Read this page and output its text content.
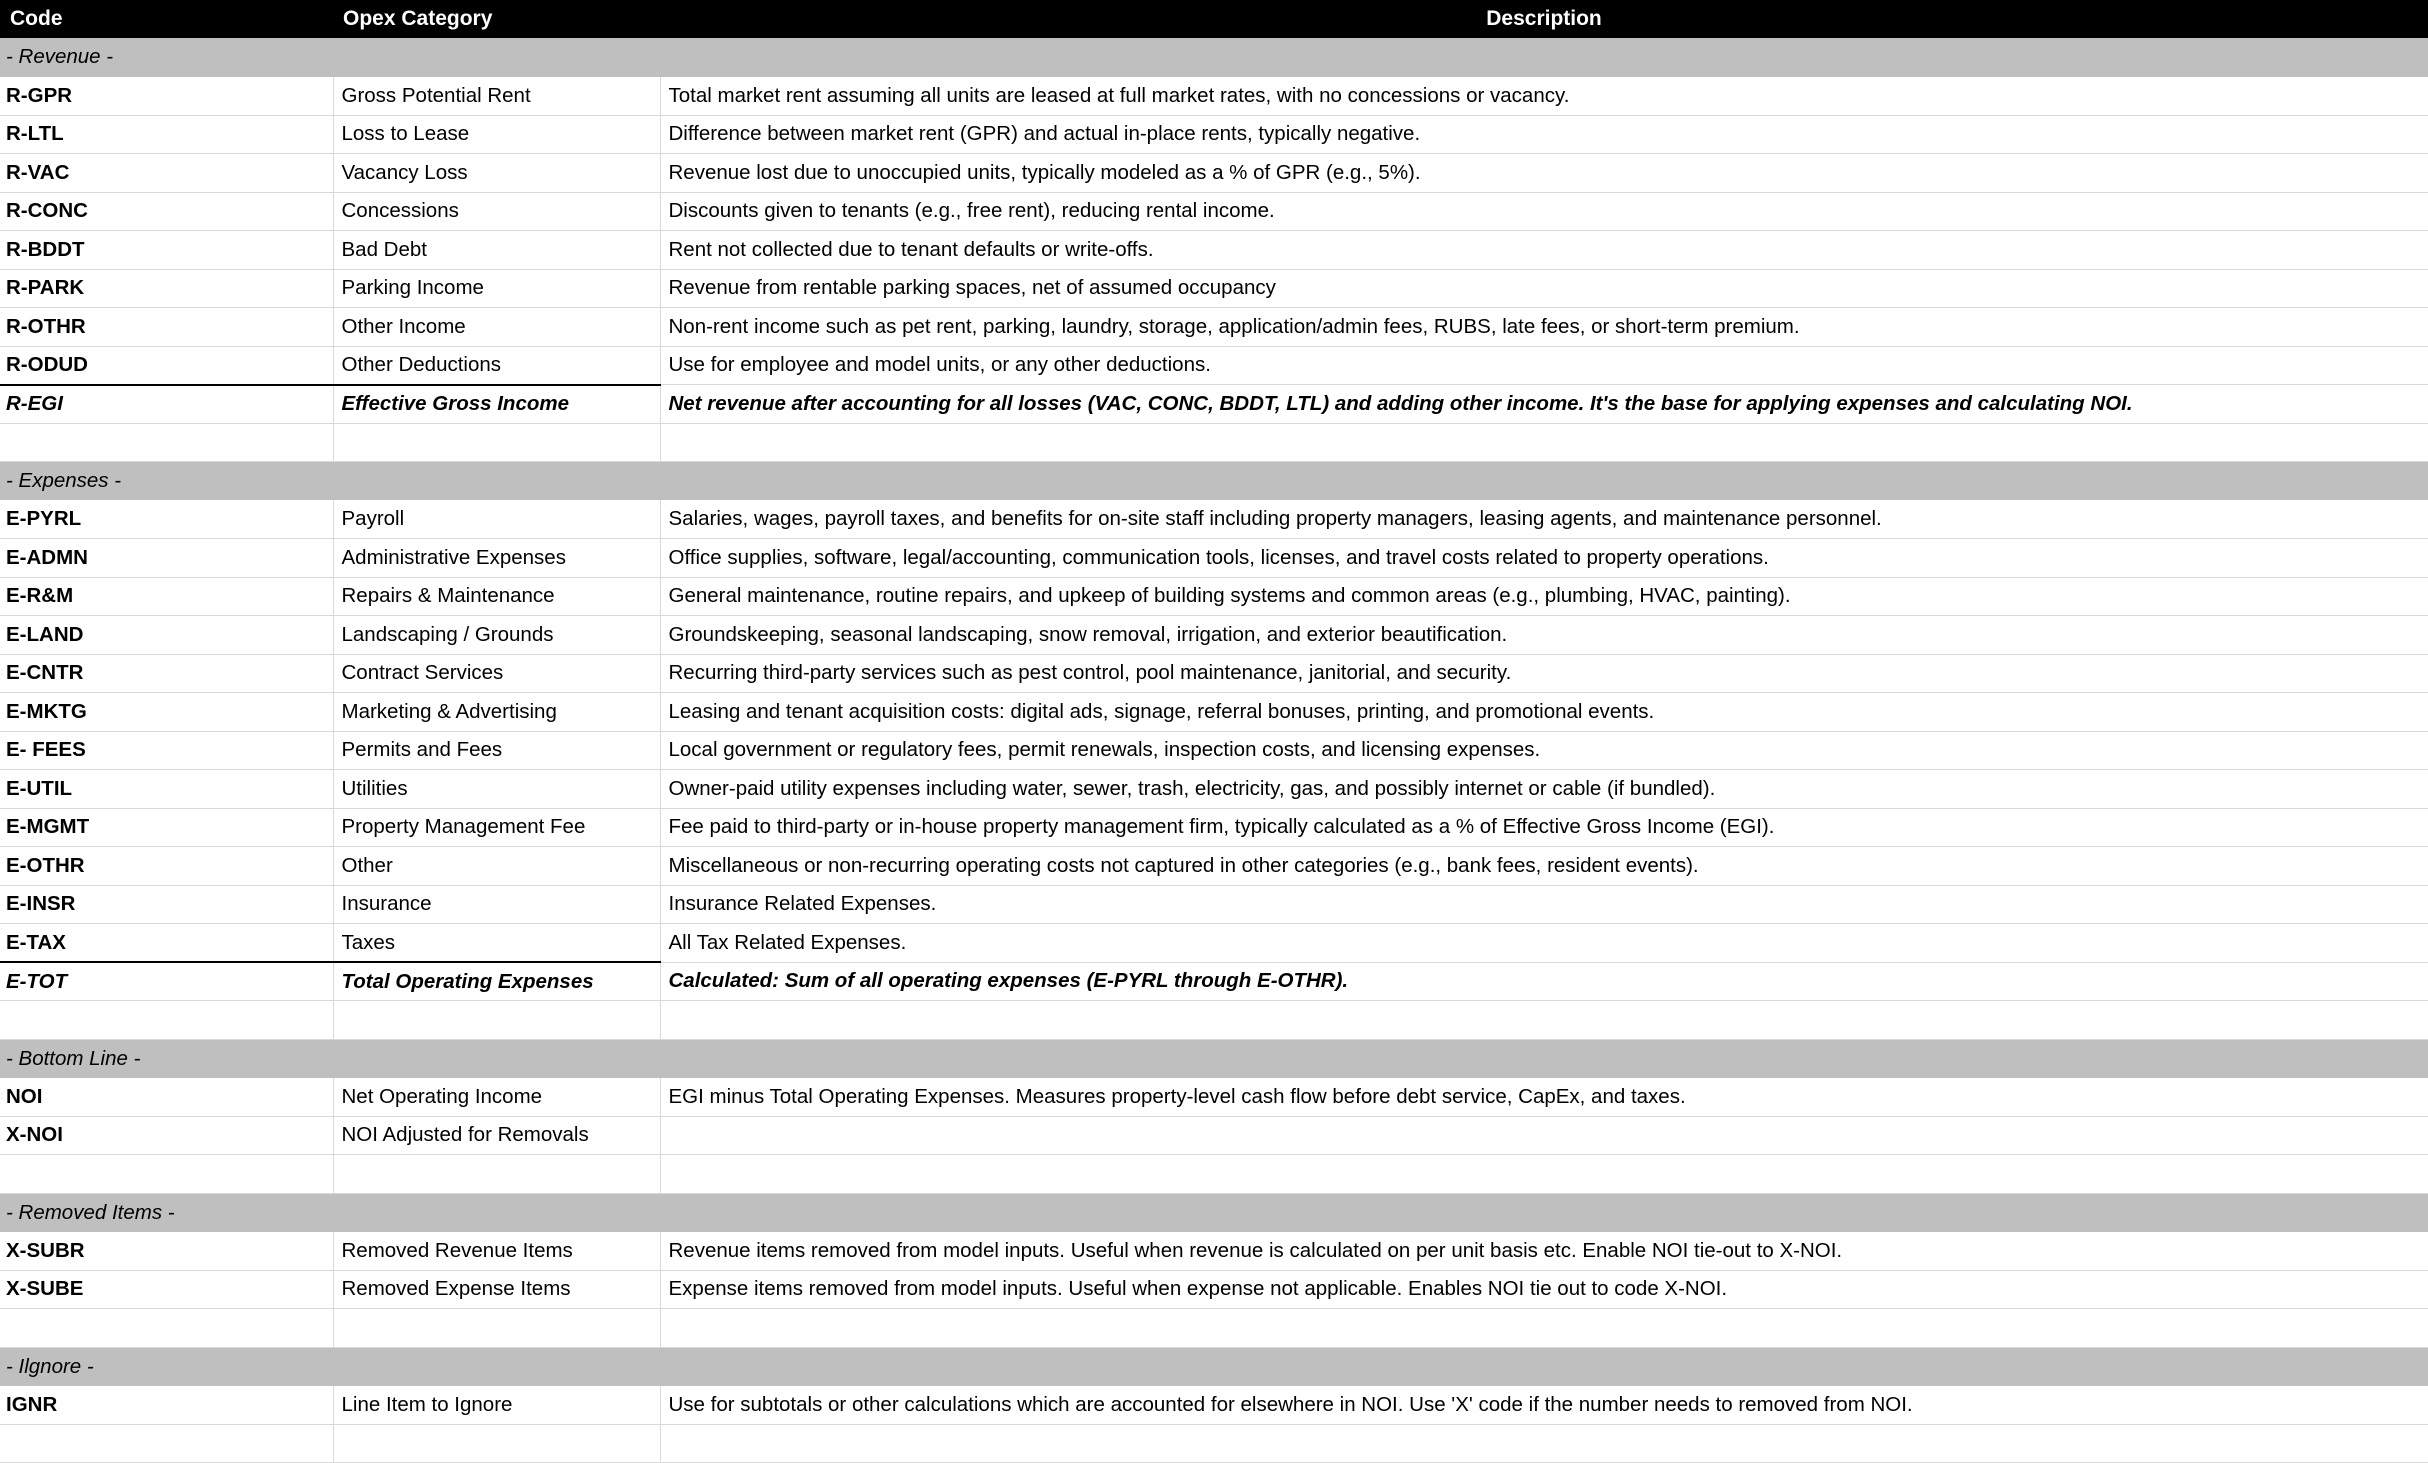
Code	Opex Category	Description
- Revenue -		
R-GPR	Gross Potential Rent	Total market rent assuming all units are leased at full market rates, with no concessions or vacancy.
R-LTL	Loss to Lease	Difference between market rent (GPR) and actual in-place rents, typically negative.
R-VAC	Vacancy Loss	Revenue lost due to unoccupied units, typically modeled as a % of GPR (e.g., 5%).
R-CONC	Concessions	Discounts given to tenants (e.g., free rent), reducing rental income.
R-BDDT	Bad Debt	Rent not collected due to tenant defaults or write-offs.
R-PARK	Parking Income	Revenue from rentable parking spaces, net of assumed occupancy
R-OTHR	Other Income	Non-rent income such as pet rent, parking, laundry, storage, application/admin fees, RUBS, late fees, or short-term premium.
R-ODUD	Other Deductions	Use for employee and model units, or any other deductions.
R-EGI	Effective Gross Income	Net revenue after accounting for all losses (VAC, CONC, BDDT, LTL) and adding other income. It's the base for applying expenses and calculating NOI.

- Expenses -		
E-PYRL	Payroll	Salaries, wages, payroll taxes, and benefits for on-site staff including property managers, leasing agents, and maintenance personnel.
E-ADMN	Administrative Expenses	Office supplies, software, legal/accounting, communication tools, licenses, and travel costs related to property operations.
E-R&M	Repairs & Maintenance	General maintenance, routine repairs, and upkeep of building systems and common areas (e.g., plumbing, HVAC, painting).
E-LAND	Landscaping / Grounds	Groundskeeping, seasonal landscaping, snow removal, irrigation, and exterior beautification.
E-CNTR	Contract Services	Recurring third-party services such as pest control, pool maintenance, janitorial, and security.
E-MKTG	Marketing & Advertising	Leasing and tenant acquisition costs: digital ads, signage, referral bonuses, printing, and promotional events.
E- FEES	Permits and Fees	Local government or regulatory fees, permit renewals, inspection costs, and licensing expenses.
E-UTIL	Utilities	Owner-paid utility expenses including water, sewer, trash, electricity, gas, and possibly internet or cable (if bundled).
E-MGMT	Property Management Fee	Fee paid to third-party or in-house property management firm, typically calculated as a % of Effective Gross Income (EGI).
E-OTHR	Other	Miscellaneous or non-recurring operating costs not captured in other categories (e.g., bank fees, resident events).
E-INSR	Insurance	Insurance Related Expenses.
E-TAX	Taxes	All Tax Related Expenses.
E-TOT	Total Operating Expenses	Calculated: Sum of all operating expenses (E-PYRL through E-OTHR).

- Bottom Line -		
NOI	Net Operating Income	EGI minus Total Operating Expenses. Measures property-level cash flow before debt service, CapEx, and taxes.
X-NOI	NOI Adjusted for Removals	

- Removed Items -		
X-SUBR	Removed Revenue Items	Revenue items removed from model inputs. Useful when revenue is calculated on per unit basis etc. Enable NOI tie-out to X-NOI.
X-SUBE	Removed Expense Items	Expense items removed from model inputs. Useful when expense not applicable. Enables NOI tie out to code X-NOI.

- Ilgnore -		
IGNR	Line Item to Ignore	Use for subtotals or other calculations which are accounted for elsewhere in NOI. Use 'X' code if the number needs to removed from NOI.
